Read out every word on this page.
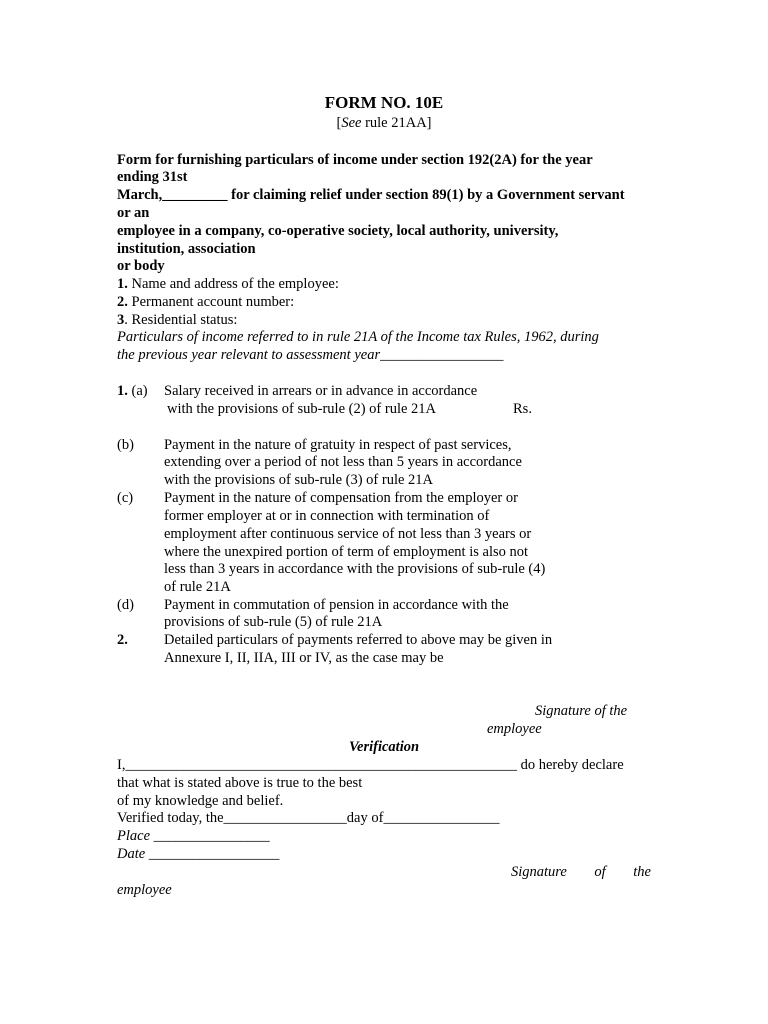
FORM NO. 10E
[See rule 21AA]
Form for furnishing particulars of income under section 192(2A) for the year
ending 31st
March,_________ for claiming relief under section 89(1) by a Government servant
or an
employee in a company, co-operative society, local authority, university,
institution, association
or body
1. Name and address of the employee:
2. Permanent account number:
3. Residential status:
Particulars of income referred to in rule 21A of the Income tax Rules, 1962, during
the previous year relevant to assessment year_________________
1. (a) Salary received in arrears or in advance in accordance
with the provisions of sub-rule (2) of rule 21A	Rs.
(b) Payment in the nature of gratuity in respect of past services,
extending over a period of not less than 5 years in accordance
with the provisions of sub-rule (3) of rule 21A
(c) Payment in the nature of compensation from the employer or
former employer at or in connection with termination of
employment after continuous service of not less than 3 years or
where the unexpired portion of term of employment is also not
less than 3 years in accordance with the provisions of sub-rule (4)
of rule 21A
(d) Payment in commutation of pension in accordance with the
provisions of sub-rule (5) of rule 21A
2. Detailed particulars of payments referred to above may be given in
Annexure I, II, IIA, III or IV, as the case may be
Signature of the
employee
Verification
I,______________________________________________________ do hereby declare
that what is stated above is true to the best
of my knowledge and belief.
Verified today, the_________________day of________________
Place ________________
Date __________________
Signature of the
employee
